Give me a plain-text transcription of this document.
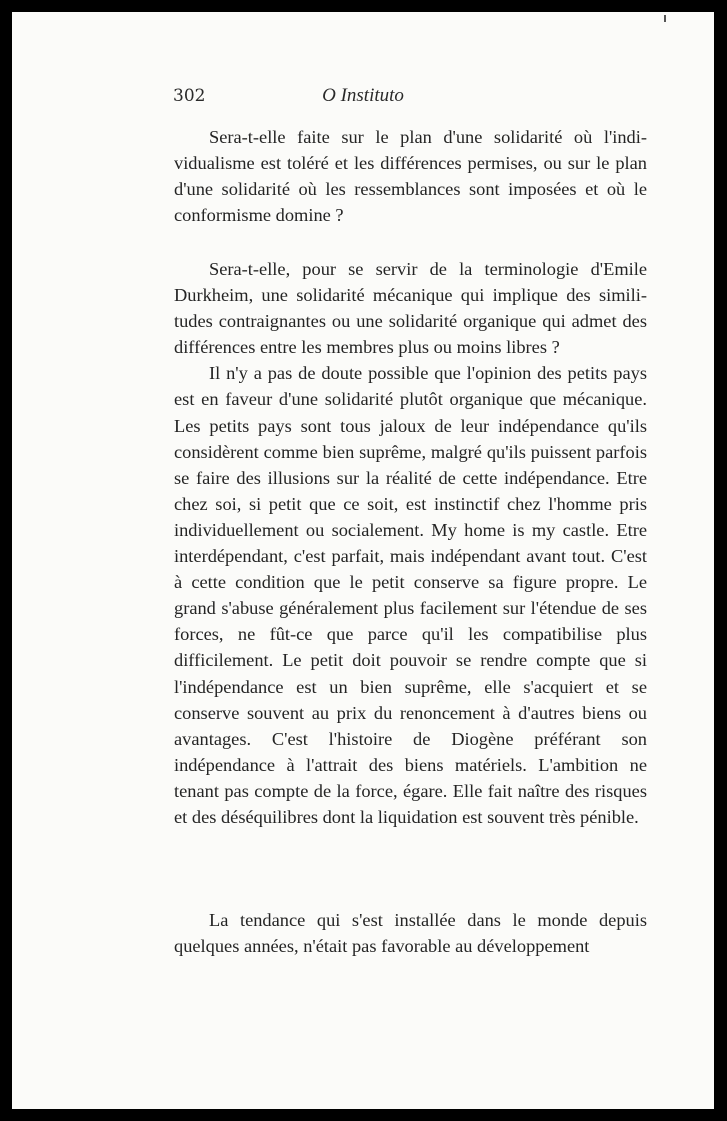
302	O Instituto

Sera-t-elle faite sur le plan d'une solidarité où l'individualisme est toléré et les différences permises, ou sur le plan d'une solidarité où les ressemblances sont imposées et où le conformisme domine ?

Sera-t-elle, pour se servir de la terminologie d'Emile Durkheim, une solidarité mécanique qui implique des similitudes contraignantes ou une solidarité organique qui admet des différences entre les membres plus ou moins libres ?

Il n'y a pas de doute possible que l'opinion des petits pays est en faveur d'une solidarité plutôt organique que mécanique. Les petits pays sont tous jaloux de leur indépendance qu'ils considèrent comme bien suprême, malgré qu'ils puissent parfois se faire des illusions sur la réalité de cette indépendance. Etre chez soi, si petit que ce soit, est instinctif chez l'homme pris individuellement ou socialement. My home is my castle. Etre interdépendant, c'est parfait, mais indépendant avant tout. C'est à cette condition que le petit conserve sa figure propre. Le grand s'abuse généralement plus facilement sur l'étendue de ses forces, ne fût-ce que parce qu'il les compatibilise plus difficilement. Le petit doit pouvoir se rendre compte que si l'indépendance est un bien suprême, elle s'acquiert et se conserve souvent au prix du renoncement à d'autres biens ou avantages. C'est l'histoire de Diogène préférant son indépendance à l'attrait des biens matériels. L'ambition ne tenant pas compte de la force, égare. Elle fait naître des risques et des déséquilibres dont la liquidation est souvent très pénible.

La tendance qui s'est installée dans le monde depuis quelques années, n'était pas favorable au développement
